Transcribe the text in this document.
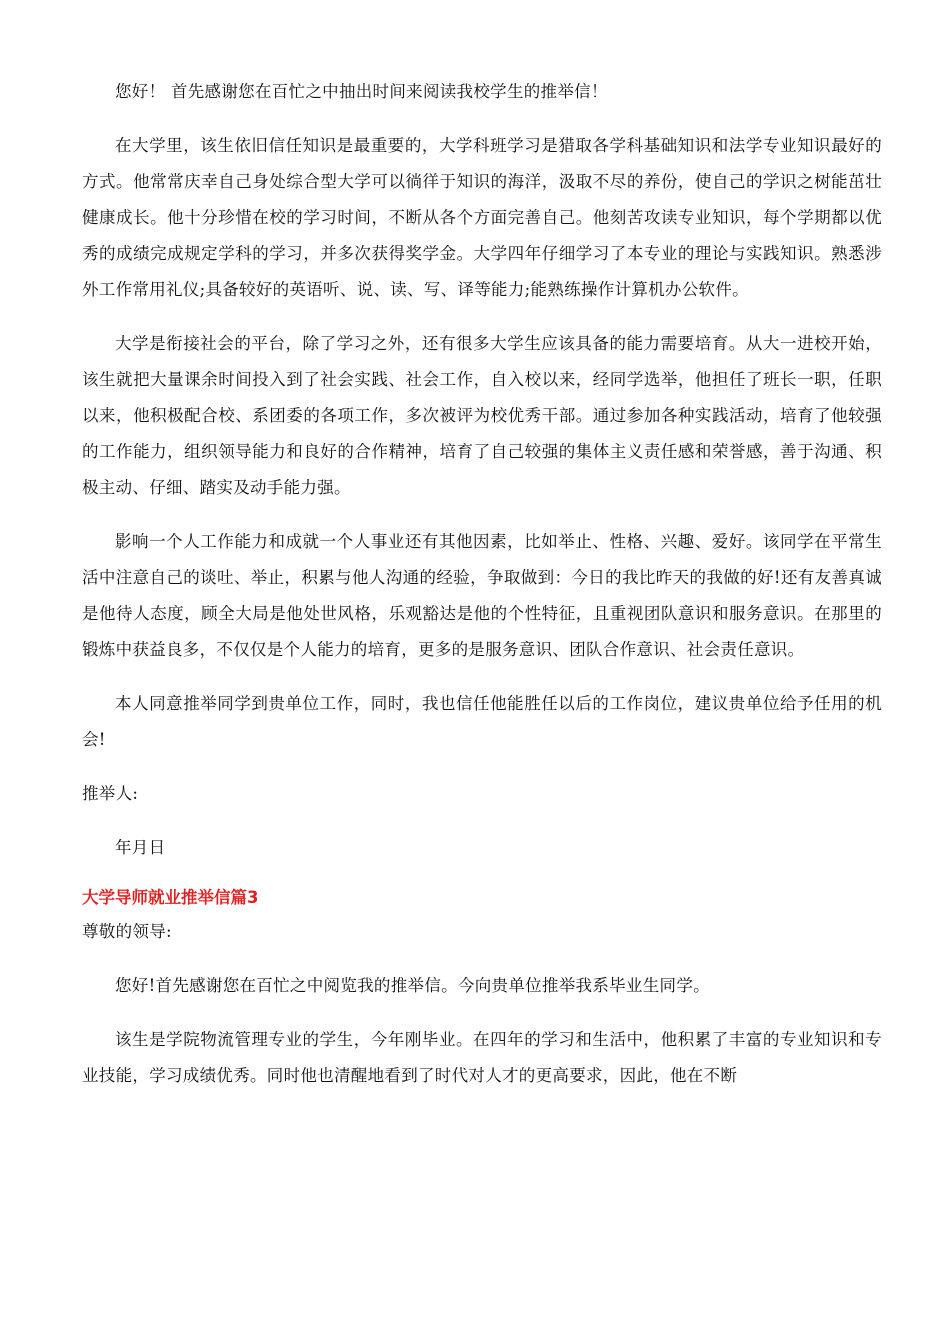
您好！ 首先感谢您在百忙之中抽出时间来阅读我校学生的推举信！

在大学里，该生依旧信任知识是最重要的，大学科班学习是猎取各学科基础知识和法学专业知识最好的方式。他常常庆幸自己身处综合型大学可以徜徉于知识的海洋，汲取不尽的养份，使自己的学识之树能茁壮健康成长。他十分珍惜在校的学习时间，不断从各个方面完善自己。他刻苦攻读专业知识，每个学期都以优秀的成绩完成规定学科的学习，并多次获得奖学金。大学四年仔细学习了本专业的理论与实践知识。熟悉涉外工作常用礼仪;具备较好的英语听、说、读、写、译等能力;能熟练操作计算机办公软件。

大学是衔接社会的平台，除了学习之外，还有很多大学生应该具备的能力需要培育。从大一进校开始，该生就把大量课余时间投入到了社会实践、社会工作，自入校以来，经同学选举，他担任了班长一职，任职以来，他积极配合校、系团委的各项工作，多次被评为校优秀干部。通过参加各种实践活动，培育了他较强的工作能力，组织领导能力和良好的合作精神，培育了自己较强的集体主义责任感和荣誉感，善于沟通、积极主动、仔细、踏实及动手能力强。

影响一个人工作能力和成就一个人事业还有其他因素，比如举止、性格、兴趣、爱好。该同学在平常生活中注意自己的谈吐、举止，积累与他人沟通的经验，争取做到：今日的我比昨天的我做的好!还有友善真诚是他待人态度，顾全大局是他处世风格，乐观豁达是他的个性特征，且重视团队意识和服务意识。在那里的锻炼中获益良多，不仅仅是个人能力的培育，更多的是服务意识、团队合作意识、社会责任意识。

本人同意推举同学到贵单位工作，同时，我也信任他能胜任以后的工作岗位，建议贵单位给予任用的机会!

推举人:

年月日

大学导师就业推举信篇3

尊敬的领导:

您好!首先感谢您在百忙之中阅览我的推举信。今向贵单位推举我系毕业生同学。

该生是学院物流管理专业的学生，今年刚毕业。在四年的学习和生活中，他积累了丰富的专业知识和专业技能，学习成绩优秀。同时他也清醒地看到了时代对人才的更高要求，因此，他在不断
